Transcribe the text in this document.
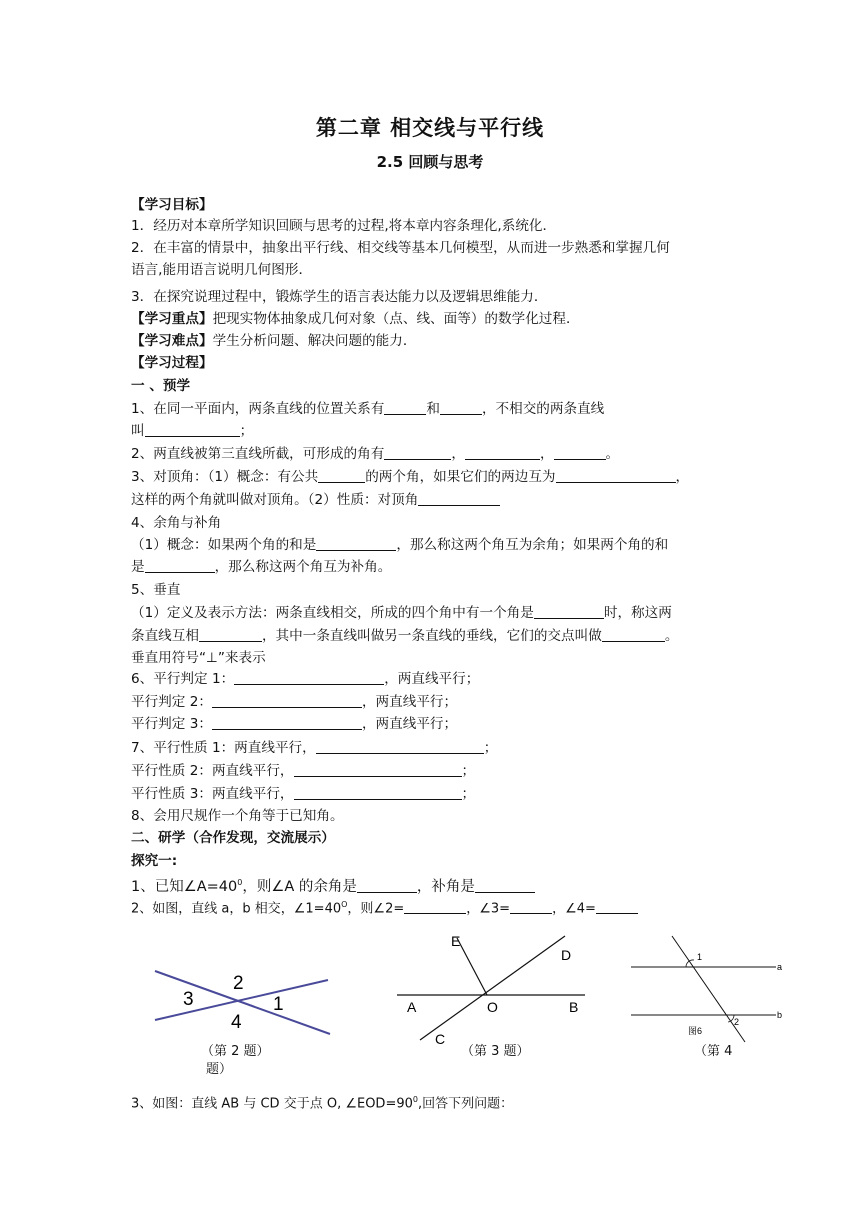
第二章 相交线与平行线
2.5 回顾与思考
【学习目标】
1．经历对本章所学知识回顾与思考的过程,将本章内容条理化,系统化．
2．在丰富的情景中，抽象出平行线、相交线等基本几何模型，从而进一步熟悉和掌握几何
语言,能用语言说明几何图形．
3．在探究说理过程中，锻炼学生的语言表达能力以及逻辑思维能力．
【学习重点】把现实物体抽象成几何对象（点、线、面等）的数学化过程．
【学习难点】学生分析问题、解决问题的能力．
【学习过程】
一 、预学
1、在同一平面内，两条直线的位置关系有	和	，不相交的两条直线
叫	；
2、两直线被第三直线所截，可形成的角有	，	，	。
3、对顶角：（1）概念：有公共	的两个角，如果它们的两边互为	，
这样的两个角就叫做对顶角。（2）性质：对顶角
4、余角与补角
（1）概念：如果两个角的和是	，那么称这两个角互为余角；如果两个角的和
是	，那么称这两个角互为补角。
5、垂直
（1）定义及表示方法：两条直线相交，所成的四个角中有一个角是	时，称这两
条直线互相	，其中一条直线叫做另一条直线的垂线，它们的交点叫做	。
垂直用符号“⊥”来表示
6、平行判定 1：	，两直线平行；
平行判定 2：	，两直线平行；
平行判定 3：	，两直线平行；
7、平行性质 1：两直线平行，	；
平行性质 2：两直线平行，	；
平行性质 3：两直线平行，	；
8、会用尺规作一个角等于已知角。
二、研学（合作发现，交流展示）
探究一:
1、已知$\angle A=40^0$，则∠A 的余角是	，补角是
2、如图，直线 a，b 相交，$\angle 1=40^O$，则∠2=	，∠3=	，∠4=
2
3	1
4
（第 2 题）
题）
E
D
A	O	B
C
（第 3 题）
1
a
b
2
图6
（第 4
3、如图：直线 AB 与 CD 交于点 O, $\angle EOD=90^0$,回答下列问题：
